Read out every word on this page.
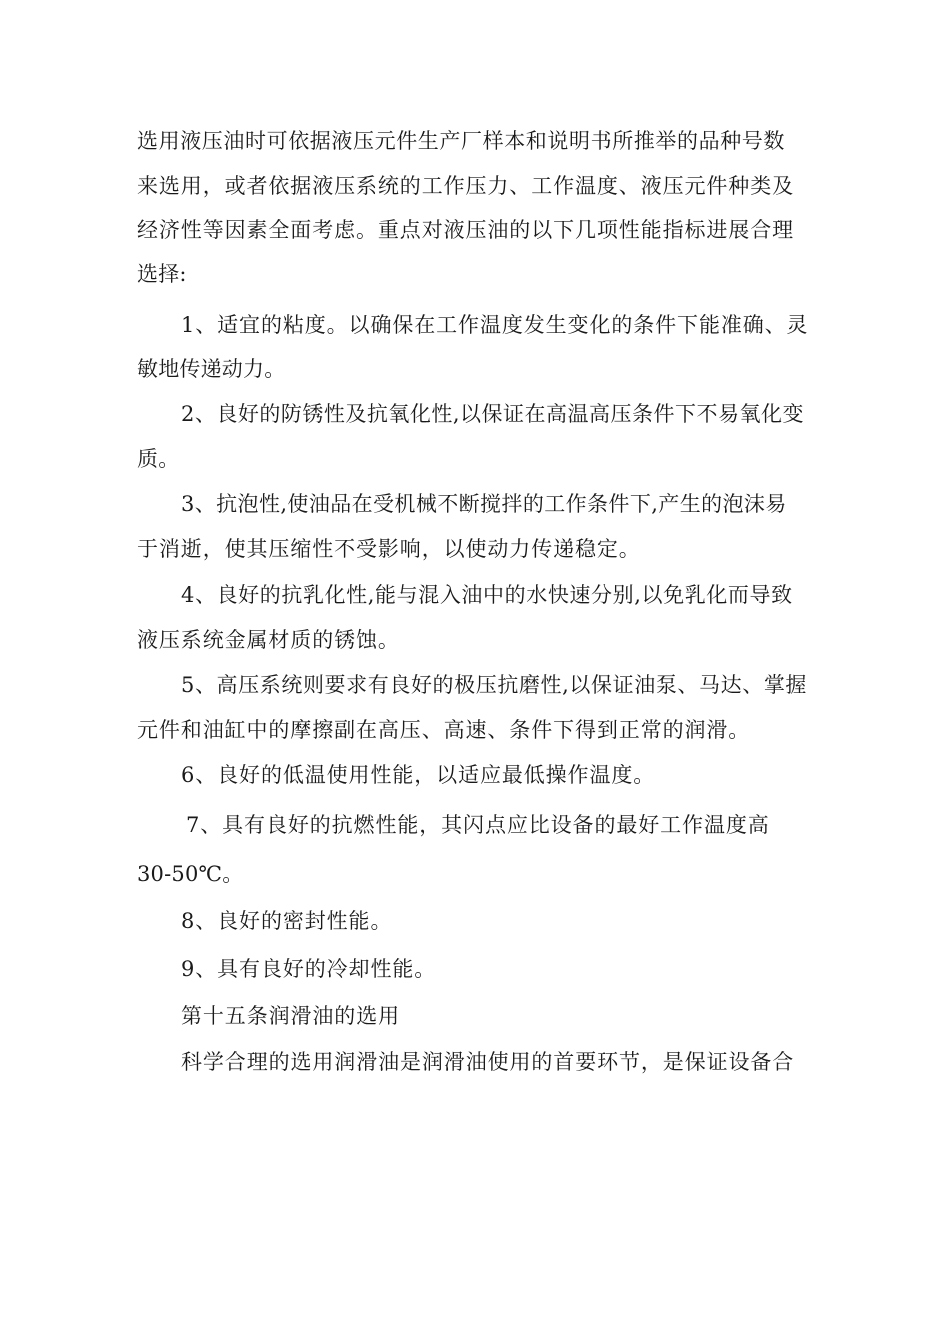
选用液压油时可依据液压元件生产厂样本和说明书所推举的品种号数
来选用，或者依据液压系统的工作压力、工作温度、液压元件种类及
经济性等因素全面考虑。重点对液压油的以下几项性能指标进展合理
选择:
1、适宜的粘度。以确保在工作温度发生变化的条件下能准确、灵
敏地传递动力。
2、良好的防锈性及抗氧化性,以保证在高温高压条件下不易氧化变
质。
3、抗泡性,使油品在受机械不断搅拌的工作条件下,产生的泡沫易
于消逝，使其压缩性不受影响，以使动力传递稳定。
4、良好的抗乳化性,能与混入油中的水快速分别,以免乳化而导致
液压系统金属材质的锈蚀。
5、高压系统则要求有良好的极压抗磨性,以保证油泵、马达、掌握
元件和油缸中的摩擦副在高压、高速、条件下得到正常的润滑。
6、良好的低温使用性能，以适应最低操作温度。
7、具有良好的抗燃性能，其闪点应比设备的最好工作温度高
30-50℃。
8、良好的密封性能。
9、具有良好的冷却性能。
第十五条润滑油的选用
科学合理的选用润滑油是润滑油使用的首要环节，是保证设备合
